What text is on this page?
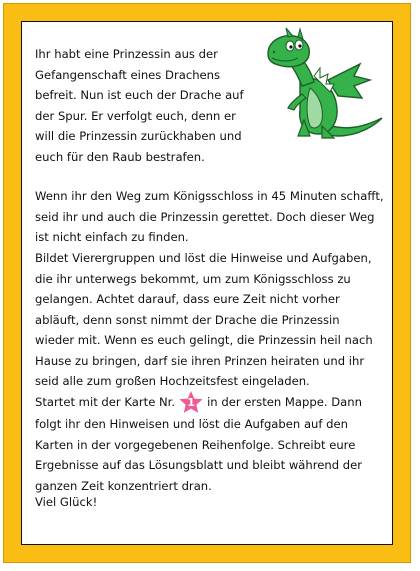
Ihr habt eine Prinzessin aus der
Gefangenschaft eines Drachens
befreit. Nun ist euch der Drache auf
der Spur. Er verfolgt euch, denn er
will die Prinzessin zurückhaben und
euch für den Raub bestrafen.

Wenn ihr den Weg zum Königsschloss in 45 Minuten schafft,
seid ihr und auch die Prinzessin gerettet. Doch dieser Weg
ist nicht einfach zu finden.

Bildet Vierergruppen und löst die Hinweise und Aufgaben,
die ihr unterwegs bekommt, um zum Königsschloss zu
gelangen. Achtet darauf, dass eure Zeit nicht vorher
abläuft, denn sonst nimmt der Drache die Prinzessin
wieder mit. Wenn es euch gelingt, die Prinzessin heil nach
Hause zu bringen, darf sie ihren Prinzen heiraten und ihr
seid alle zum großen Hochzeitsfest eingeladen.

Startet mit der Karte Nr.	1	in der ersten Mappe. Dann
folgt ihr den Hinweisen und löst die Aufgaben auf den
Karten in der vorgegebenen Reihenfolge. Schreibt eure
Ergebnisse auf das Lösungsblatt und bleibt während der
ganzen Zeit konzentriert dran.

Viel Glück!
